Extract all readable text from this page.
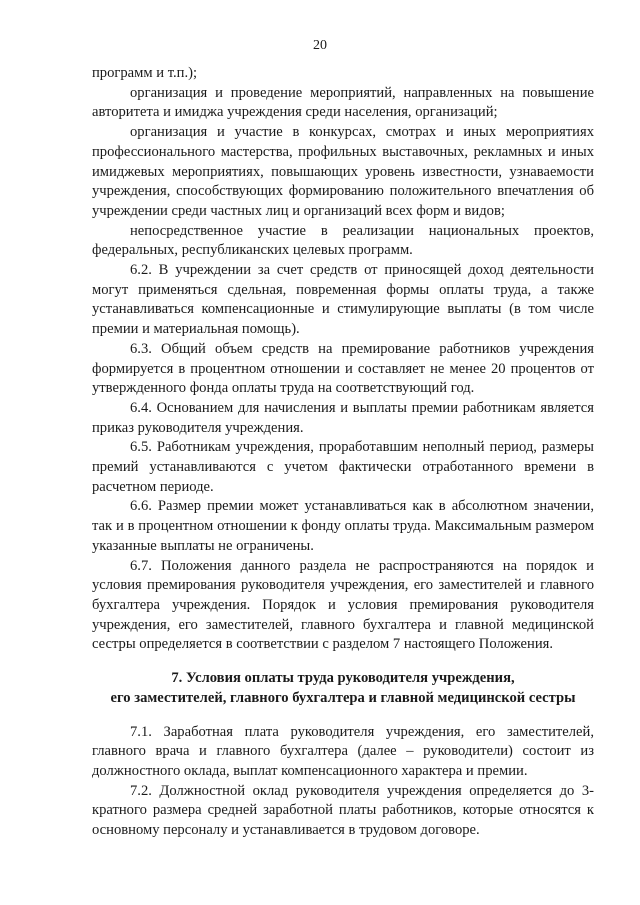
20

программ и т.п.);

организация и проведение мероприятий, направленных на повышение авторитета и имиджа учреждения среди населения, организаций;

организация и участие в конкурсах, смотрах и иных мероприятиях профессионального мастерства, профильных выставочных, рекламных и иных имиджевых мероприятиях, повышающих уровень известности, узнаваемости учреждения, способствующих формированию положительного впечатления об учреждении среди частных лиц и организаций всех форм и видов;

непосредственное участие в реализации национальных проектов, федеральных, республиканских целевых программ.

6.2. В учреждении за счет средств от приносящей доход деятельности могут применяться сдельная, повременная формы оплаты труда, а также устанавливаться компенсационные и стимулирующие выплаты (в том числе премии и материальная помощь).

6.3. Общий объем средств на премирование работников учреждения формируется в процентном отношении и составляет не менее 20 процентов от утвержденного фонда оплаты труда на соответствующий год.

6.4. Основанием для начисления и выплаты премии работникам является приказ руководителя учреждения.

6.5. Работникам учреждения, проработавшим неполный период, размеры премий устанавливаются с учетом фактически отработанного времени в расчетном периоде.

6.6. Размер премии может устанавливаться как в абсолютном значении, так и в процентном отношении к фонду оплаты труда. Максимальным размером указанные выплаты не ограничены.

6.7. Положения данного раздела не распространяются на порядок и условия премирования руководителя учреждения, его заместителей и главного бухгалтера учреждения. Порядок и условия премирования руководителя учреждения, его заместителей, главного бухгалтера и главной медицинской сестры определяется в соответствии с разделом 7 настоящего Положения.

7. Условия оплаты труда руководителя учреждения,
его заместителей, главного бухгалтера и главной медицинской сестры

7.1. Заработная плата руководителя учреждения, его заместителей, главного врача и главного бухгалтера (далее – руководители) состоит из должностного оклада, выплат компенсационного характера и премии.

7.2. Должностной оклад руководителя учреждения определяется до 3-кратного размера средней заработной платы работников, которые относятся к основному персоналу и устанавливается в трудовом договоре.
